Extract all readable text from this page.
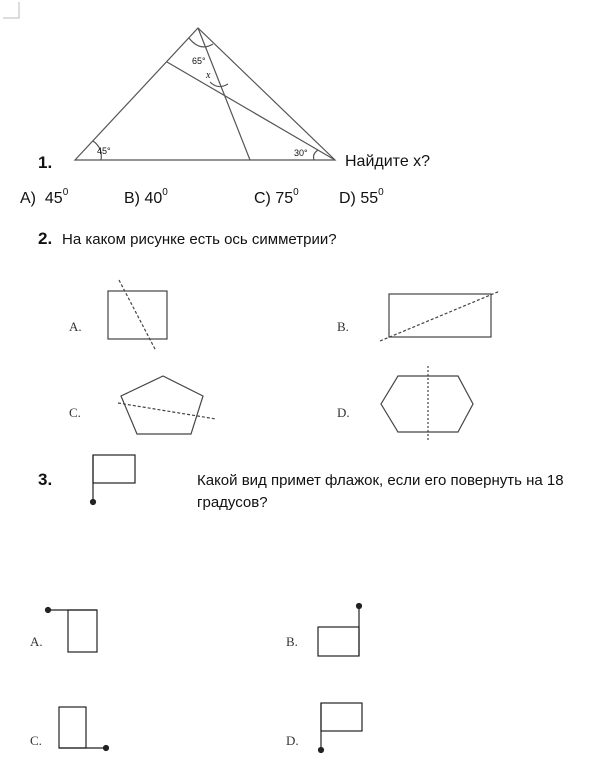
65°
x
45°	30°
1.	Найдите x?
A) $45^0$	B) $40^0$	C) $75^0$	D) $55^0$
2. На каком рисунке есть ось симметрии?
A.	B.
C.	D.
3.	Какой вид примет флажок, если его повернуть на 18
градусов?
A.	B.
C.	D.
